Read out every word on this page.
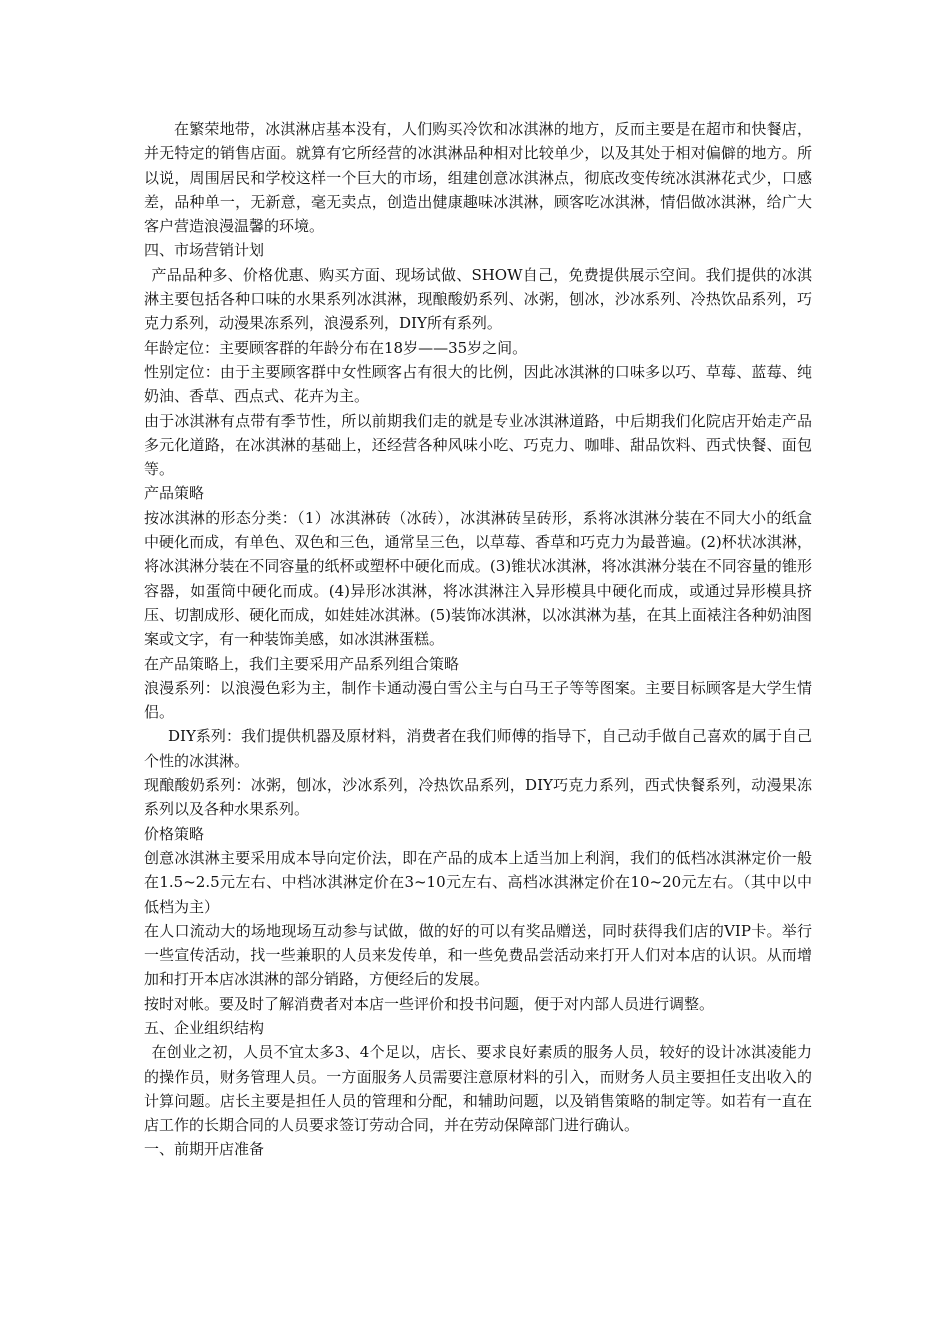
在繁荣地带，冰淇淋店基本没有，人们购买冷饮和冰淇淋的地方，反而主要是在超市和快餐店，并无特定的销售店面。就算有它所经营的冰淇淋品种相对比较单少，以及其处于相对偏僻的地方。所以说，周围居民和学校这样一个巨大的市场，组建创意冰淇淋点，彻底改变传统冰淇淋花式少，口感差，品种单一，无新意，毫无卖点，创造出健康趣味冰淇淋，顾客吃冰淇淋，情侣做冰淇淋，给广大客户营造浪漫温馨的环境。

四、市场营销计划

产品品种多、价格优惠、购买方面、现场试做、SHOW自己，免费提供展示空间。我们提供的冰淇淋主要包括各种口味的水果系列冰淇淋，现酿酸奶系列、冰粥，刨冰，沙冰系列、冷热饮品系列，巧克力系列，动漫果冻系列，浪漫系列，DIY所有系列。

年龄定位：主要顾客群的年龄分布在18岁——35岁之间。

性别定位：由于主要顾客群中女性顾客占有很大的比例，因此冰淇淋的口味多以巧、草莓、蓝莓、纯奶油、香草、西点式、花卉为主。

由于冰淇淋有点带有季节性，所以前期我们走的就是专业冰淇淋道路，中后期我们化院店开始走产品多元化道路，在冰淇淋的基础上，还经营各种风味小吃、巧克力、咖啡、甜品饮料、西式快餐、面包等。

产品策略

按冰淇淋的形态分类：（1）冰淇淋砖（冰砖），冰淇淋砖呈砖形，系将冰淇淋分装在不同大小的纸盒中硬化而成，有单色、双色和三色，通常呈三色，以草莓、香草和巧克力为最普遍。(2)杯状冰淇淋，将冰淇淋分装在不同容量的纸杯或塑杯中硬化而成。(3)锥状冰淇淋，将冰淇淋分装在不同容量的锥形容器，如蛋筒中硬化而成。(4)异形冰淇淋，将冰淇淋注入异形模具中硬化而成，或通过异形模具挤压、切割成形、硬化而成，如娃娃冰淇淋。(5)装饰冰淇淋，以冰淇淋为基，在其上面裱注各种奶油图案或文字，有一种装饰美感，如冰淇淋蛋糕。

在产品策略上，我们主要采用产品系列组合策略

浪漫系列：以浪漫色彩为主，制作卡通动漫白雪公主与白马王子等等图案。主要目标顾客是大学生情侣。

DIY系列：我们提供机器及原材料，消费者在我们师傅的指导下，自己动手做自己喜欢的属于自己个性的冰淇淋。

现酿酸奶系列：冰粥，刨冰，沙冰系列，冷热饮品系列，DIY巧克力系列，西式快餐系列，动漫果冻系列以及各种水果系列。

价格策略

创意冰淇淋主要采用成本导向定价法，即在产品的成本上适当加上利润，我们的低档冰淇淋定价一般在1.5~2.5元左右、中档冰淇淋定价在3~10元左右、高档冰淇淋定价在10~20元左右。（其中以中低档为主）

在人口流动大的场地现场互动参与试做，做的好的可以有奖品赠送，同时获得我们店的VIP卡。举行一些宣传活动，找一些兼职的人员来发传单，和一些免费品尝活动来打开人们对本店的认识。从而增加和打开本店冰淇淋的部分销路，方便经后的发展。

按时对帐。要及时了解消费者对本店一些评价和投书问题，便于对内部人员进行调整。

五、企业组织结构

在创业之初，人员不宜太多3、4个足以，店长、要求良好素质的服务人员，较好的设计冰淇凌能力的操作员，财务管理人员。一方面服务人员需要注意原材料的引入，而财务人员主要担任支出收入的计算问题。店长主要是担任人员的管理和分配，和辅助问题，以及销售策略的制定等。如若有一直在店工作的长期合同的人员要求签订劳动合同，并在劳动保障部门进行确认。

一、前期开店准备
